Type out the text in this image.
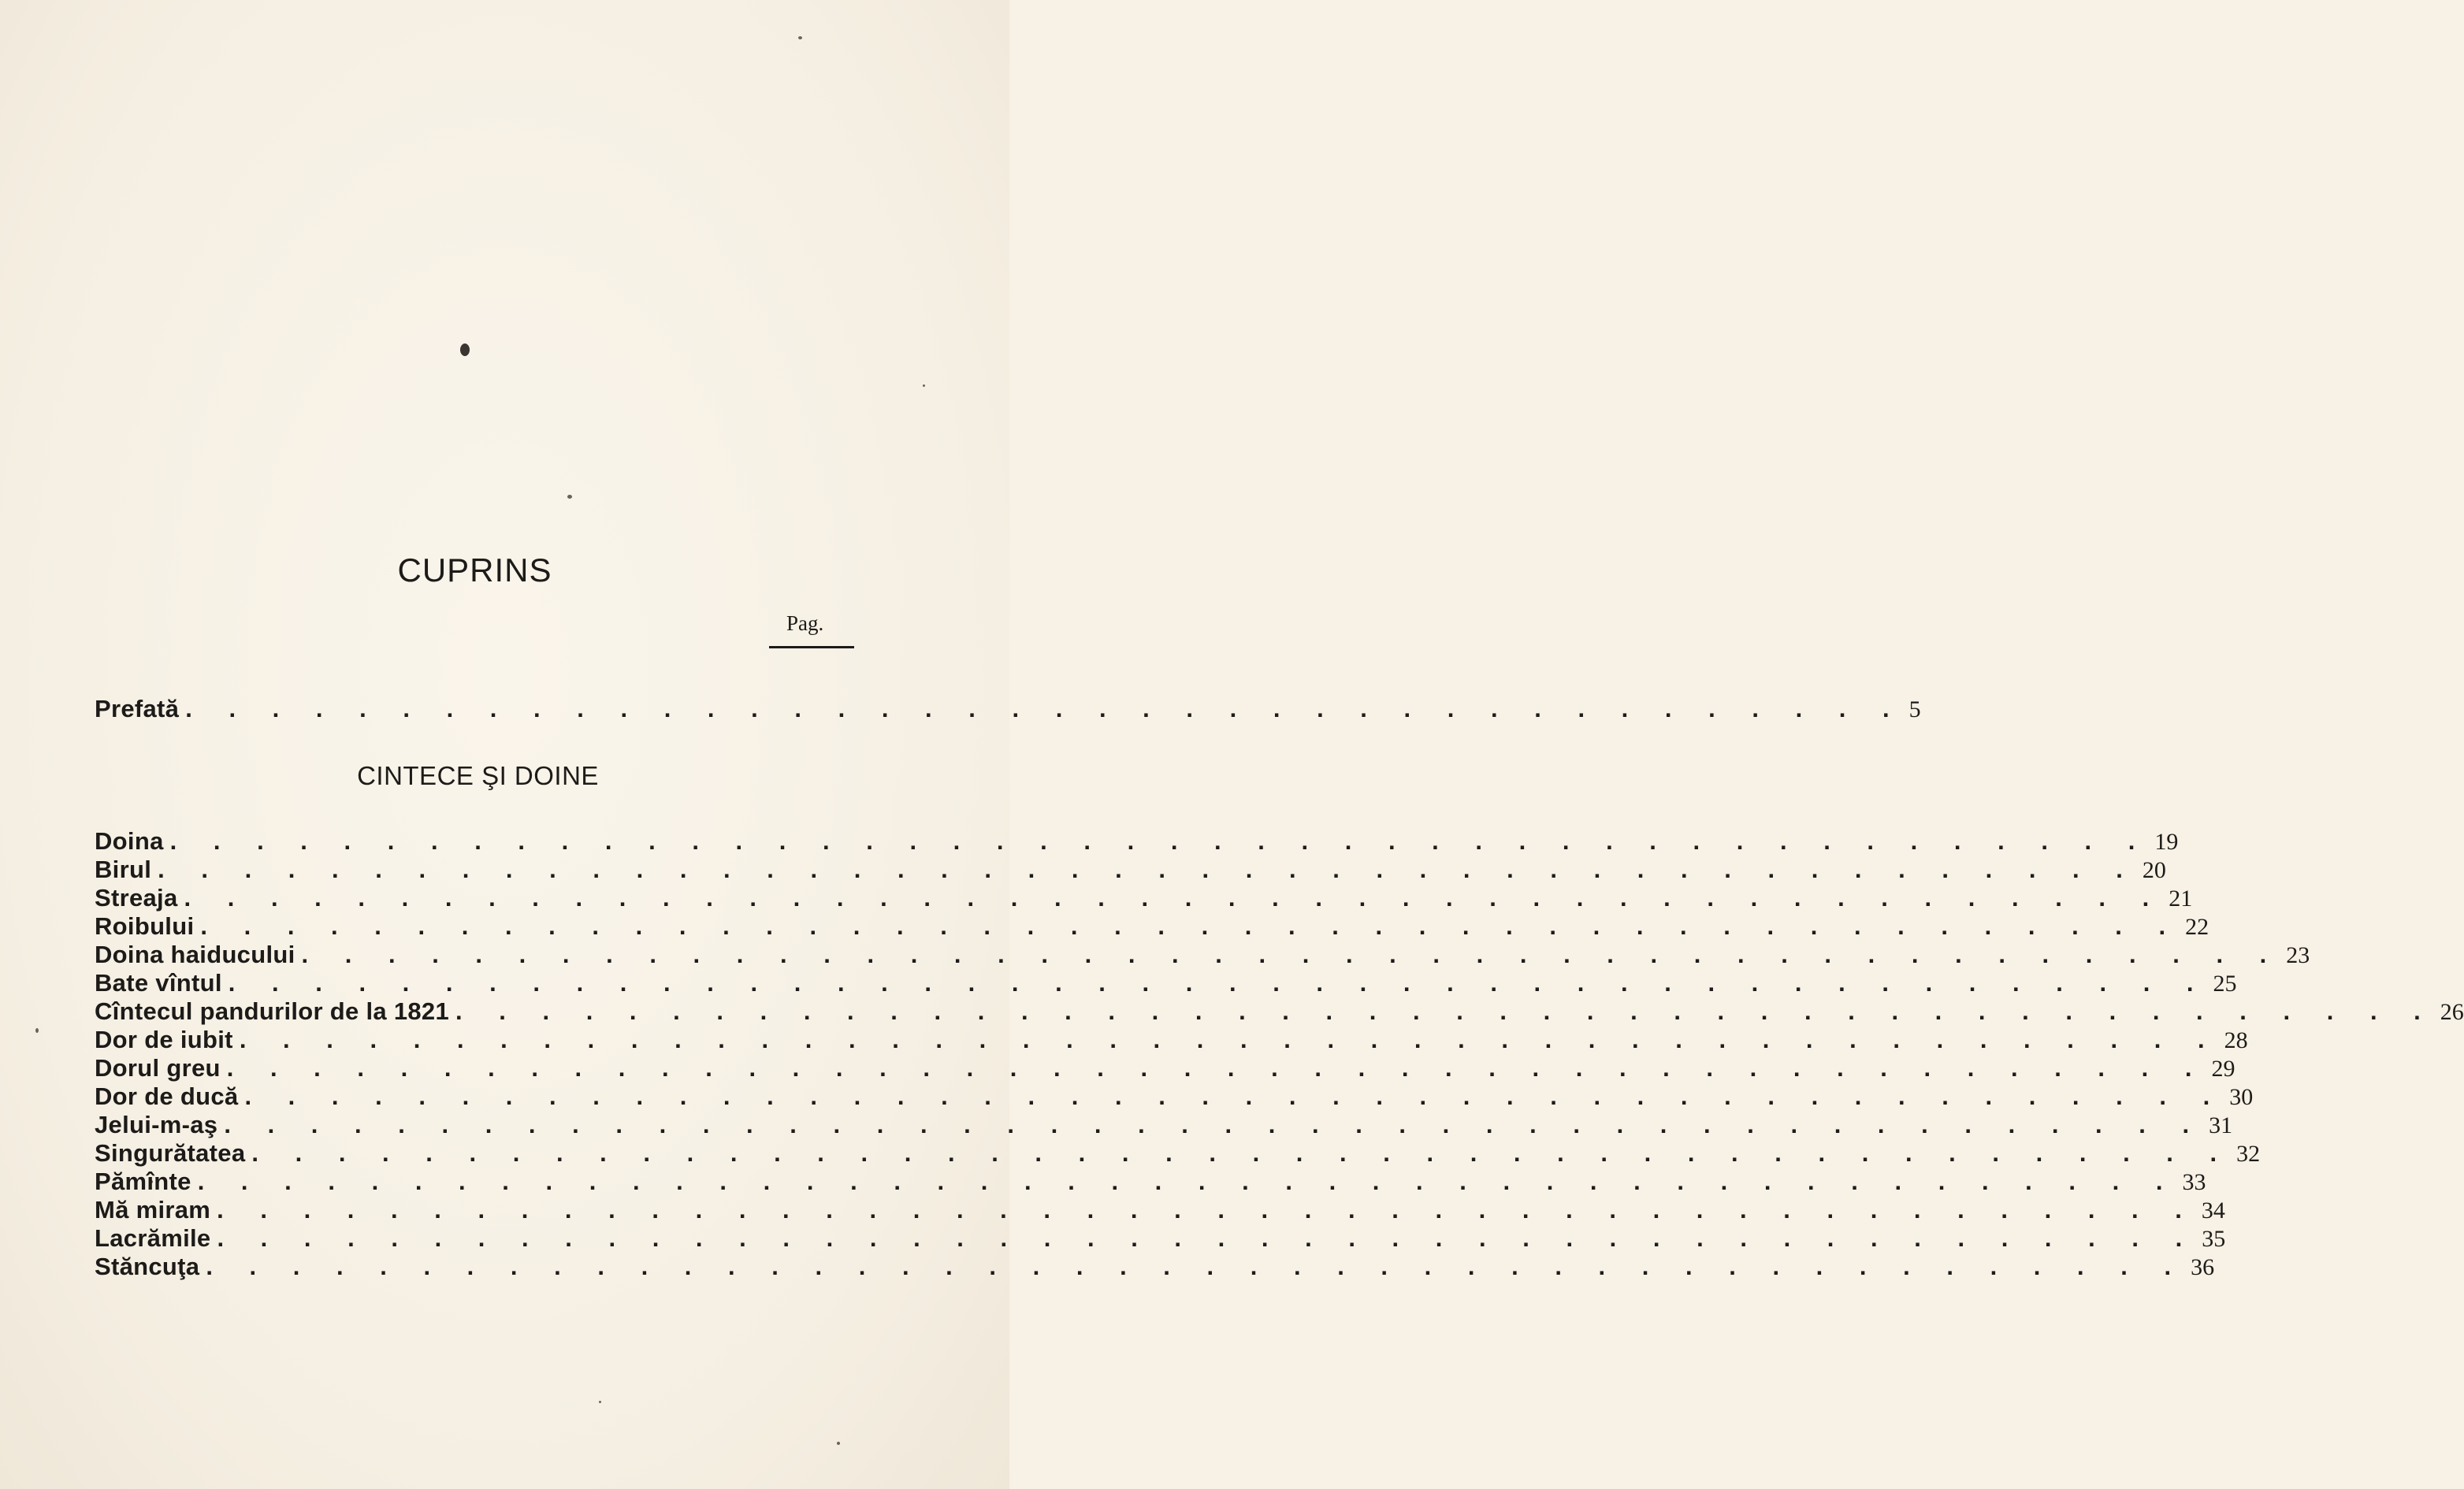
CUPRINS
Pag.
Prefată . . . . . . . . . . . . . . . . . . . . . . . . . . . . . . . . . . . . . . . . 5
CINTECE ŞI DOINE
Doina . . . . . . . . . . . . . . . . . . . . . . . . . . . . . . . . . . . . . . . . . . . . . . 19
Birul . . . . . . . . . . . . . . . . . . . . . . . . . . . . . . . . . . . . . . . . . . . . . . 20
Streaja . . . . . . . . . . . . . . . . . . . . . . . . . . . . . . . . . . . . . . . . . . . . . . 21
Roibului . . . . . . . . . . . . . . . . . . . . . . . . . . . . . . . . . . . . . . . . . . . . . . 22
Doina haiducului . . . . . . . . . . . . . . . . . . . . . . . . . . . . . . . . . . . . . . . . . . . . . . 23
Bate vîntul . . . . . . . . . . . . . . . . . . . . . . . . . . . . . . . . . . . . . . . . . . . . . . 25
Cîntecul pandurilor de la 1821 . . . . . . . . . . . . . . . . . . . . . . . . . . . . . . . . . . . . . . . . . . . . . . 26
Dor de iubit . . . . . . . . . . . . . . . . . . . . . . . . . . . . . . . . . . . . . . . . . . . . . . 28
Dorul greu . . . . . . . . . . . . . . . . . . . . . . . . . . . . . . . . . . . . . . . . . . . . . . 29
Dor de ducă . . . . . . . . . . . . . . . . . . . . . . . . . . . . . . . . . . . . . . . . . . . . . . 30
Jelui-m-aş . . . . . . . . . . . . . . . . . . . . . . . . . . . . . . . . . . . . . . . . . . . . . . 31
Singurătatea . . . . . . . . . . . . . . . . . . . . . . . . . . . . . . . . . . . . . . . . . . . . . . 32
Pămînte . . . . . . . . . . . . . . . . . . . . . . . . . . . . . . . . . . . . . . . . . . . . . . 33
Mă miram . . . . . . . . . . . . . . . . . . . . . . . . . . . . . . . . . . . . . . . . . . . . . . 34
Lacrămile . . . . . . . . . . . . . . . . . . . . . . . . . . . . . . . . . . . . . . . . . . . . . . 35
Stăncuţa . . . . . . . . . . . . . . . . . . . . . . . . . . . . . . . . . . . . . . . . . . . . . . 36
